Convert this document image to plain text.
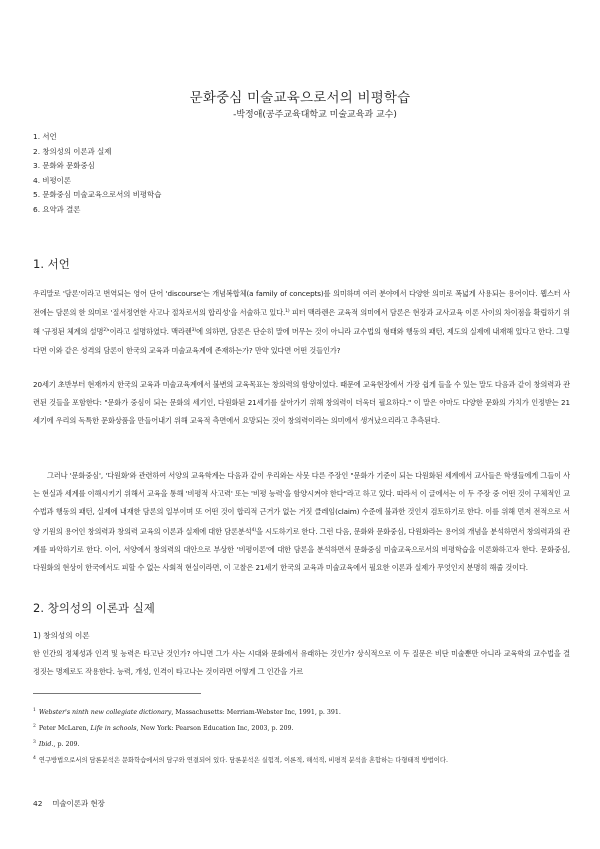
문화중심 미술교육으로서의 비평학습
-박정애(공주교육대학교 미술교육과 교수)
1. 서언
2. 창의성의 이론과 실제
3. 문화와 문화중심
4. 비평이론
5. 문화중심 미술교육으로서의 비평학습
6. 요약과 결론
1. 서언

우리말로 '담론'이라고 번역되는 영어 단어 'discourse'는 개념복합체(a family of concepts)를 의미하며 여러 분야에서 다양한 의미로 폭넓게 사용되는 용어이다. 웹스터 사전에는 담론의 한 의미로 '질서정연한 사고나 절차로서의 합리성'을 서술하고 있다.$^{1)}$ 피터 맥라렌은 교육적 의미에서 담론은 현장과 교사교육 이론 사이의 차이점을 확립하기 위해 '규정된 체계의 설명$^{2)}$'이라고 설명하였다. 맥라렌$^{3)}$에 의하면, 담론은 단순히 말에 머무는 것이 아니라 교수법의 형태와 행동의 패턴, 제도의 실제에 내재해 있다고 한다. 그렇다면 이와 같은 성격의 담론이 한국의 교육과 미술교육계에 존재하는가? 만약 있다면 어떤 것들인가?

20세기 초반부터 현재까지 한국의 교육과 미술교육계에서 불변의 교육목표는 창의력의 함양이었다. 때문에 교육현장에서 가장 쉽게 들을 수 있는 말도 다음과 같이 창의력과 관련된 것들을 포함한다: "문화가 중심이 되는 문화의 세기인, 다원화된 21세기를 살아가기 위해 창의력이 더욱더 필요하다." 이 말은 아마도 다양한 문화의 가치가 인정받는 21세기에 우리의 독특한 문화상품을 만들어내기 위해 교육적 측면에서 요망되는 것이 창의력이라는 의미에서 생겨났으리라고 추측된다.

그러나 '문화중심', '다원화'와 관련하여 서양의 교육학계는 다음과 같이 우리와는 사뭇 다른 주장인 "문화가 기준이 되는 다원화된 세계에서 교사들은 학생들에게 그들이 사는 현실과 세계를 이해시키기 위해서 교육을 통해 '비평적 사고력' 또는 '비평 능력'을 함양시켜야 한다"라고 하고 있다. 따라서 이 글에서는 이 두 주장 중 어떤 것이 구체적인 교수법과 행동의 패턴, 실제에 내재한 담론의 일부이며 또 어떤 것이 합리적 근거가 없는 거짓 클레임(claim) 수준에 불과한 것인지 검토하기로 한다. 이를 위해 먼저 전적으로 서양 기원의 용어인 창의력과 창의력 교육의 이론과 실제에 대한 담론분석$^{4)}$을 시도하기로 한다. 그런 다음, 문화와 문화중심, 다원화라는 용어의 개념을 분석하면서 창의력과의 관계를 파악하기로 한다. 이어, 서양에서 창의력의 대안으로 부상한 '비평이론'에 대한 담론을 분석하면서 문화중심 미술교육으로서의 비평학습을 이론화하고자 한다. 문화중심, 다원화의 현상이 한국에서도 피할 수 없는 사회적 현실이라면, 이 고찰은 21세기 한국의 교육과 미술교육에서 필요한 이론과 실제가 무엇인지 분명히 해줄 것이다.

2. 창의성의 이론과 실제
1) 창의성의 이론

한 인간의 정체성과 인격 및 능력은 타고난 것인가? 아니면 그가 사는 시대와 문화에서 유래하는 것인가? 상식적으로 이 두 질문은 비단 미술뿐만 아니라 교육학의 교수법을 결정짓는 명제로도 작용한다. 능력, 개성, 인격이 타고나는 것이라면 어떻게 그 인간을 가르

$^1$ Webster's ninth new collegiate dictionary, Massachusetts: Merriam-Webster Inc, 1991, p. 391.
$^2$ Peter McLaren, Life in schools, New York: Pearson Education Inc, 2003, p. 209.
$^3$ Ibid., p. 209.
$^4$ 연구방법으로서의 담론분석은 문화학습에서의 담구와 연결되어 있다. 담론분석은 실험적, 이론적, 해석적, 비평적 분석을 혼합하는 다형태적 방법이다.
42 미술이론과 현장
